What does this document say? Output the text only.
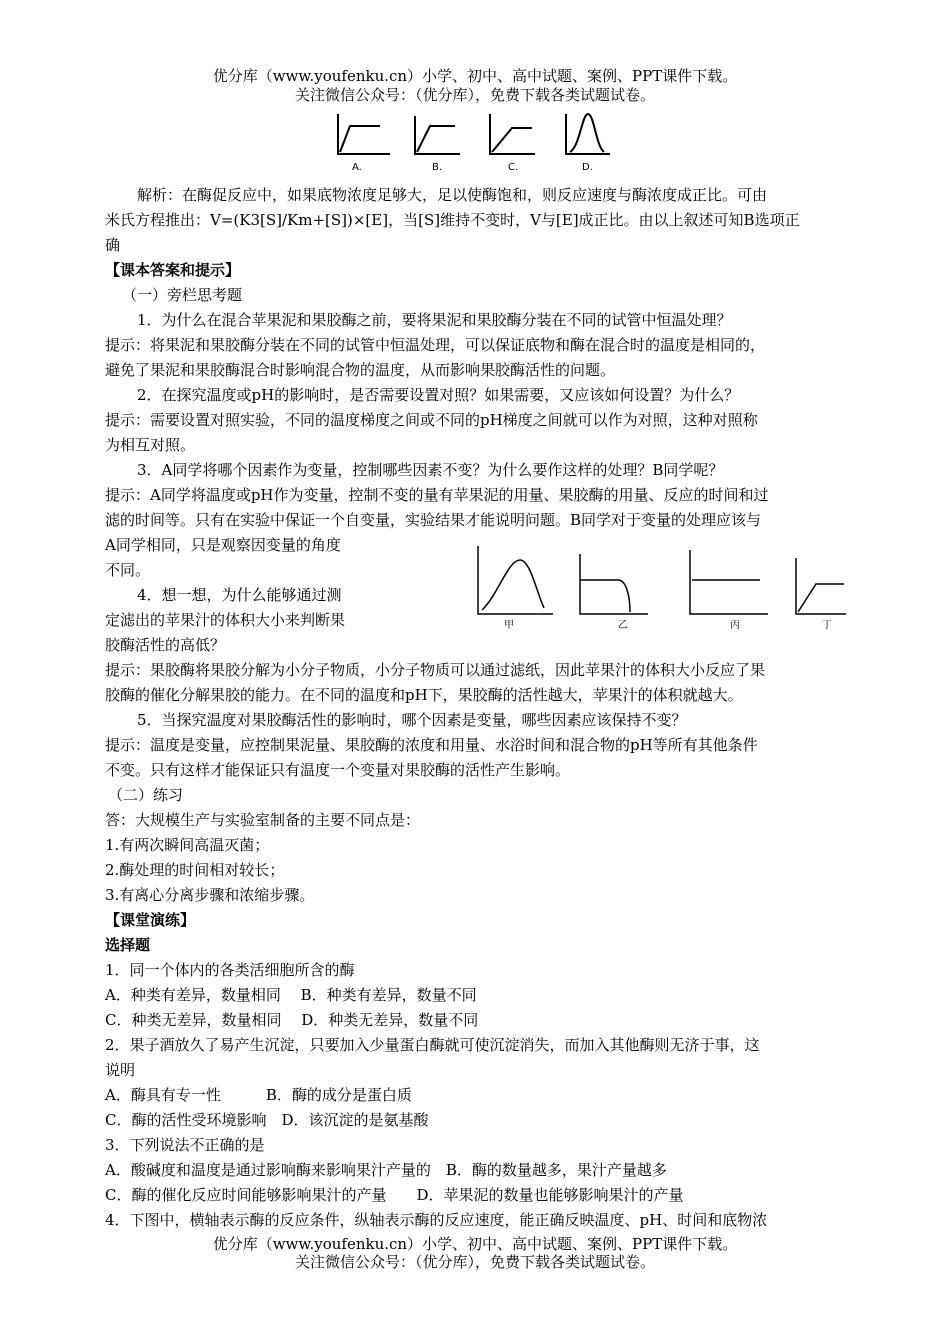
优分库（www.youfenku.cn）小学、初中、高中试题、案例、PPT课件下载。
关注微信公众号：（优分库），免费下载各类试题试卷。
A.	B.	C.	D.
解析：在酶促反应中，如果底物浓度足够大，足以使酶饱和，则反应速度与酶浓度成正比。可由
米氏方程推出：V=(K3[S]/Km+[S])×[E]，当[S]维持不变时，V与[E]成正比。由以上叙述可知B选项正
确
【课本答案和提示】
（一）旁栏思考题
1．为什么在混合苹果泥和果胶酶之前，要将果泥和果胶酶分装在不同的试管中恒温处理？
提示：将果泥和果胶酶分装在不同的试管中恒温处理，可以保证底物和酶在混合时的温度是相同的，
避免了果泥和果胶酶混合时影响混合物的温度，从而影响果胶酶活性的问题。
2．在探究温度或pH的影响时，是否需要设置对照？如果需要，又应该如何设置？为什么？
提示：需要设置对照实验，不同的温度梯度之间或不同的pH梯度之间就可以作为对照，这种对照称
为相互对照。
3．A同学将哪个因素作为变量，控制哪些因素不变？为什么要作这样的处理？B同学呢？
提示：A同学将温度或pH作为变量，控制不变的量有苹果泥的用量、果胶酶的用量、反应的时间和过
滤的时间等。只有在实验中保证一个自变量，实验结果才能说明问题。B同学对于变量的处理应该与
A同学相同，只是观察因变量的角度
不同。
4．想一想，为什么能够通过测
定滤出的苹果汁的体积大小来判断果
胶酶活性的高低？
甲	乙	丙	丁
提示：果胶酶将果胶分解为小分子物质，小分子物质可以通过滤纸，因此苹果汁的体积大小反应了果
胶酶的催化分解果胶的能力。在不同的温度和pH下，果胶酶的活性越大，苹果汁的体积就越大。
5．当探究温度对果胶酶活性的影响时，哪个因素是变量，哪些因素应该保持不变？
提示：温度是变量，应控制果泥量、果胶酶的浓度和用量、水浴时间和混合物的pH等所有其他条件
不变。只有这样才能保证只有温度一个变量对果胶酶的活性产生影响。
（二）练习
答：大规模生产与实验室制备的主要不同点是：
1.有两次瞬间高温灭菌；
2.酶处理的时间相对较长；
3.有离心分离步骤和浓缩步骤。
【课堂演练】
选择题
1．同一个体内的各类活细胞所含的酶
A．种类有差异，数量相同　 B．种类有差异，数量不同
C．种类无差异，数量相同　 D．种类无差异，数量不同
2．果子酒放久了易产生沉淀，只要加入少量蛋白酶就可使沉淀消失，而加入其他酶则无济于事，这
说明
A．酶具有专一性　　　B．酶的成分是蛋白质
C．酶的活性受环境影响　D．该沉淀的是氨基酸
3．下列说法不正确的是
A．酸碱度和温度是通过影响酶来影响果汁产量的　B．酶的数量越多，果汁产量越多
C．酶的催化反应时间能够影响果汁的产量　　D．苹果泥的数量也能够影响果汁的产量
4．下图中，横轴表示酶的反应条件，纵轴表示酶的反应速度，能正确反映温度、pH、时间和底物浓
优分库（www.youfenku.cn）小学、初中、高中试题、案例、PPT课件下载。
关注微信公众号：（优分库），免费下载各类试题试卷。
